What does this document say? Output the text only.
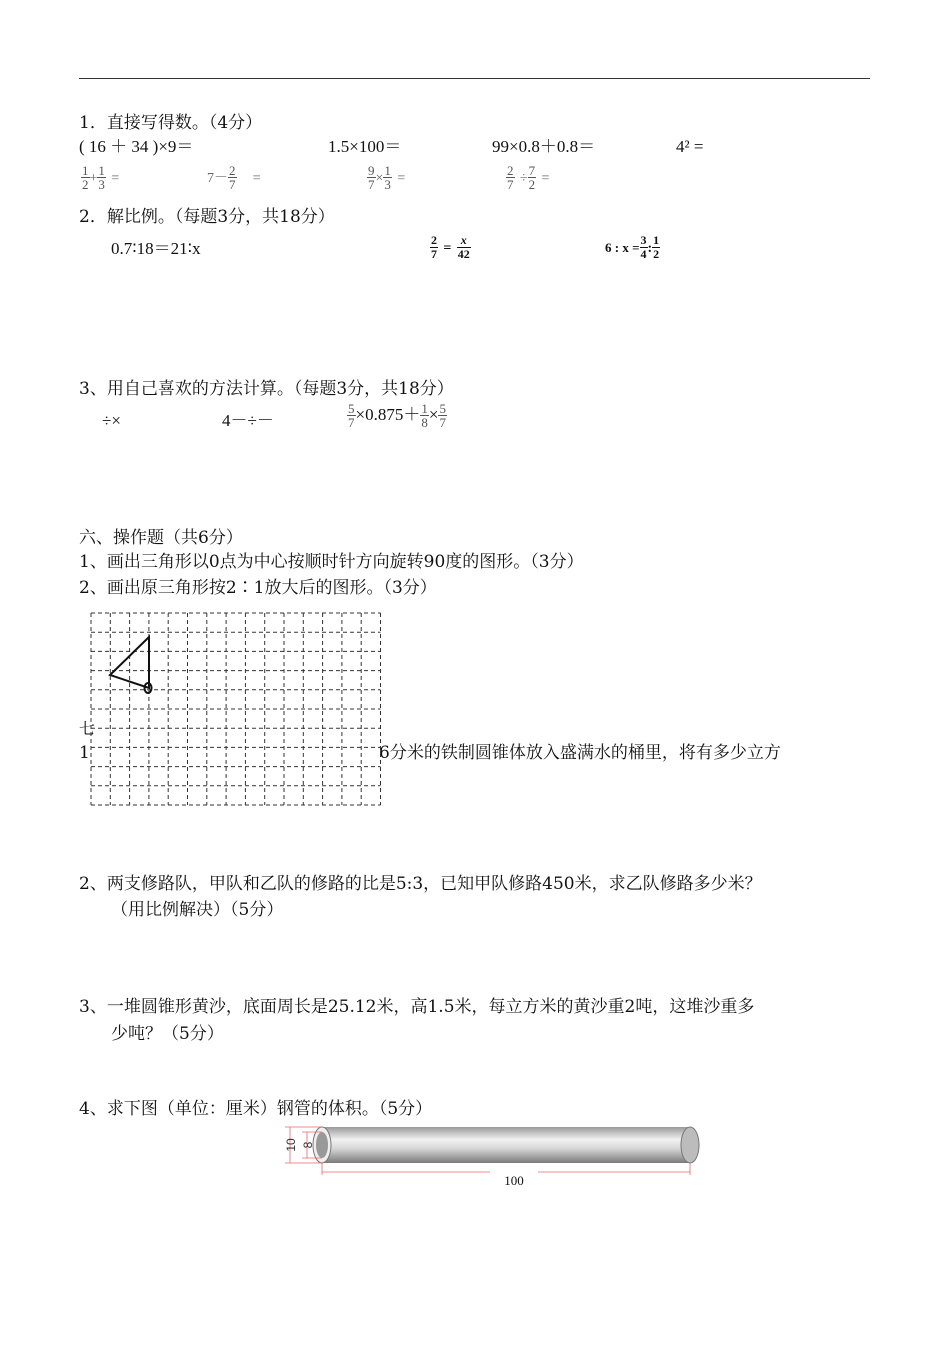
1．直接写得数。（4分）
( 16 ＋ 34 )×9＝	1.5×100＝	99×0.8＋0.8＝	4² =
$\frac{1}{2} + \frac{1}{3}$ =	$7- \frac{2}{7}$ =	$\frac{9}{7} \times \frac{1}{3}$ =	$\frac{2}{7} \div \frac{7}{2}$ =
2．解比例。（每题3分，共18分）
0.7∶18＝21∶x	$\frac{2}{7} = \frac{x}{42}$	6 : $x = \frac{3}{4}$ : $\frac{1}{2}$
3、用自己喜欢的方法计算。（每题3分，共18分）
÷×	4－÷－	$\frac{5}{7} \times 0.875+ \frac{1}{8} \times \frac{5}{7}$
六、操作题（共6分）
1、画出三角形以0点为中心按顺时针方向旋转90度的图形。（3分）
2、画出原三角形按2∶1放大后的图形。（3分）
七
1	6分米的铁制圆锥体放入盛满水的桶里，将有多少立方
2、两支修路队，甲队和乙队的修路的比是5:3，已知甲队修路450米，求乙队修路多少米？
（用比例解决）（5分）
3、一堆圆锥形黄沙，底面周长是25.12米，高1.5米，每立方米的黄沙重2吨，这堆沙重多
少吨？（5分）
4、求下图（单位：厘米）钢管的体积。（5分）
10 8
100
